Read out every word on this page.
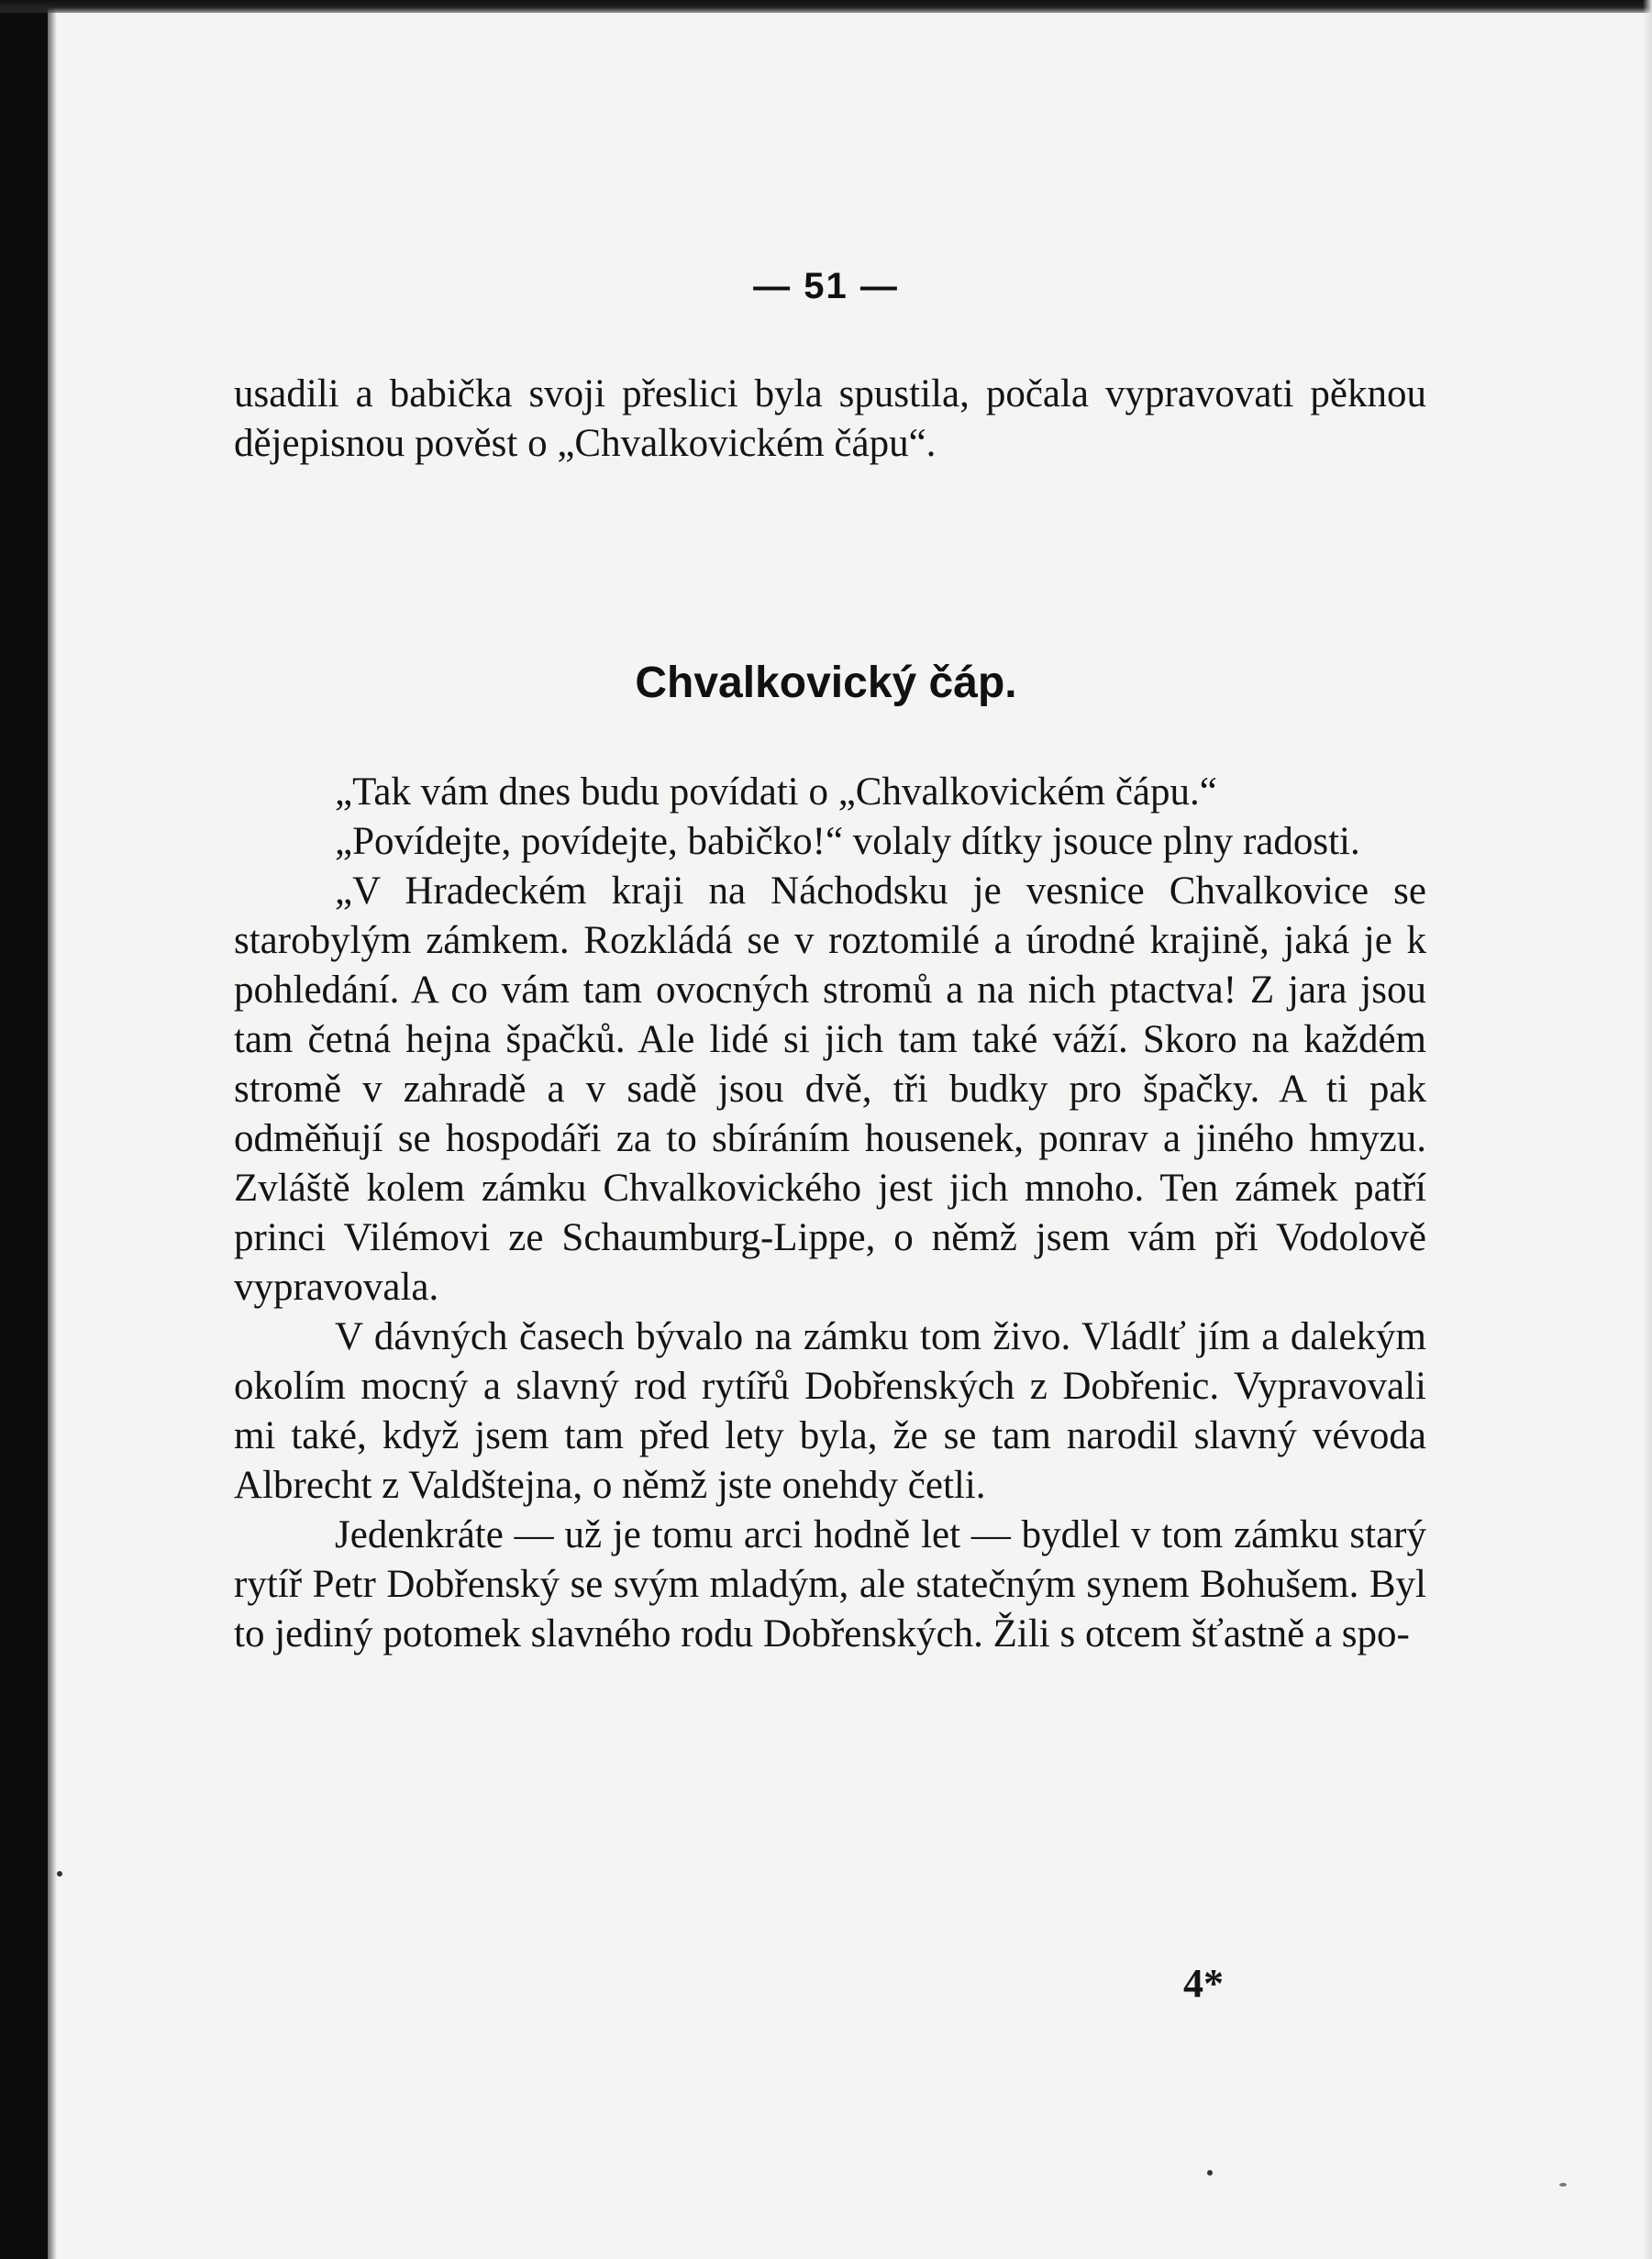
— 51 —

usadili a babička svoji přeslici byla spustila, počala vypravovati pěknou dějepisnou pověst o „Chvalkovickém čápu“.

Chvalkovický čáp.

„Tak vám dnes budu povídati o „Chvalkovickém čápu.“

„Povídejte, povídejte, babičko!“ volaly dítky jsouce plny radosti.

„V Hradeckém kraji na Náchodsku je vesnice Chvalkovice se starobylým zámkem. Rozkládá se v roztomilé a úrodné krajině, jaká je k pohledání. A co vám tam ovocných stromů a na nich ptactva! Z jara jsou tam četná hejna špačků. Ale lidé si jich tam také váží. Skoro na každém stromě v zahradě a v sadě jsou dvě, tři budky pro špačky. A ti pak odměňují se hospodáři za to sbíráním housenek, ponrav a jiného hmyzu. Zvláště kolem zámku Chvalkovického jest jich mnoho. Ten zámek patří princi Vilémovi ze Schaumburg-Lippe, o němž jsem vám při Vodolově vypravovala.

V dávných časech bývalo na zámku tom živo. Vládlť jím a dalekým okolím mocný a slavný rod rytířů Dobřenských z Dobřenic. Vypravovali mi také, když jsem tam před lety byla, že se tam narodil slavný vévoda Albrecht z Valdštejna, o němž jste onehdy četli.

Jedenkráte — už je tomu arci hodně let — bydlel v tom zámku starý rytíř Petr Dobřenský se svým mladým, ale statečným synem Bohušem. Byl to jediný potomek slavného rodu Dobřenských. Žili s otcem šťastně a spo-

4*
